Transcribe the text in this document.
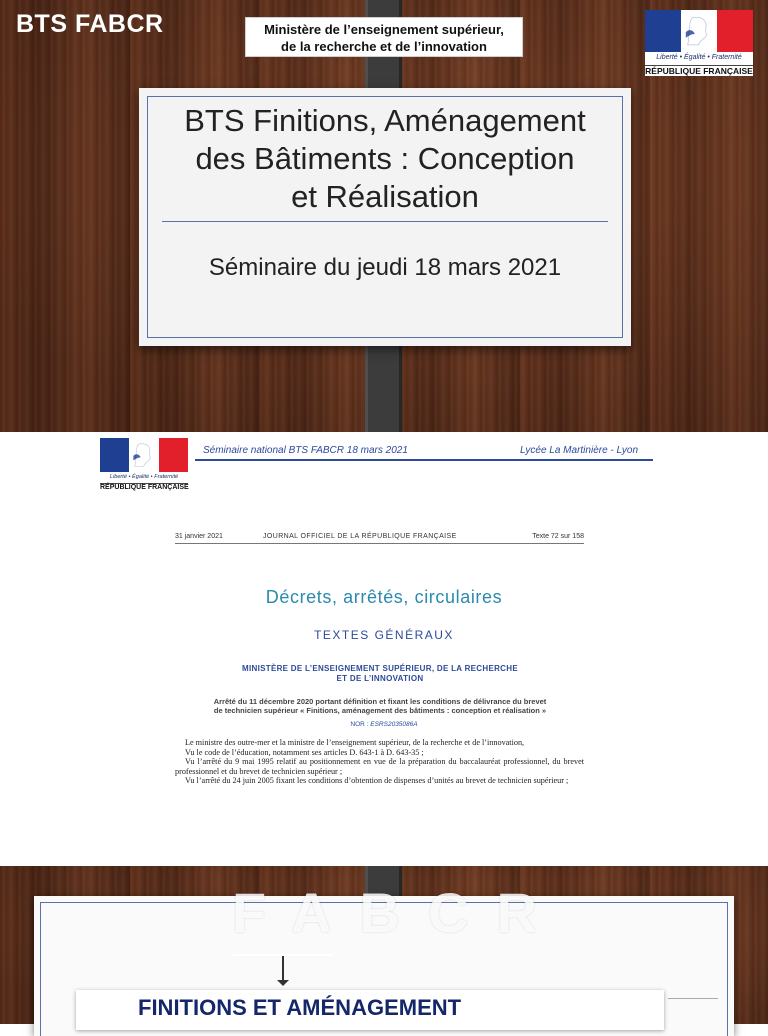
BTS FABCR	Ministère de l’enseignement supérieur,
de la recherche et de l’innovation
Liberté • Égalité • Fraternité
RÉPUBLIQUE FRANÇAISE
BTS Finitions, Aménagement
des Bâtiments : Conception
et Réalisation
Séminaire du jeudi 18 mars 2021
Liberté • Égalité • Fraternité
RÉPUBLIQUE FRANÇAISE
Séminaire national BTS FABCR 18 mars 2021	Lycée La Martinière - Lyon
31 janvier 2021	JOURNAL OFFICIEL DE LA RÉPUBLIQUE FRANÇAISE	Texte 72 sur 158
Décrets, arrêtés, circulaires
TEXTES GÉNÉRAUX
MINISTÈRE DE L’ENSEIGNEMENT SUPÉRIEUR, DE LA RECHERCHE
ET DE L’INNOVATION
Arrêté du 11 décembre 2020 portant définition et fixant les conditions de délivrance du brevet
de technicien supérieur « Finitions, aménagement des bâtiments : conception et réalisation »
NOR : ESRS2035086A

Le ministre des outre-mer et la ministre de l’enseignement supérieur, de la recherche et de l’innovation,

Vu le code de l’éducation, notamment ses articles D. 643-1 à D. 643-35 ;

Vu l’arrêté du 9 mai 1995 relatif au positionnement en vue de la préparation du baccalauréat professionnel, du brevet professionnel et du brevet de technicien supérieur ;

Vu l’arrêté du 24 juin 2005 fixant les conditions d’obtention de dispenses d’unités au brevet de technicien supérieur ;

FABCR
FINITIONS ET AMÉNAGEMENT
